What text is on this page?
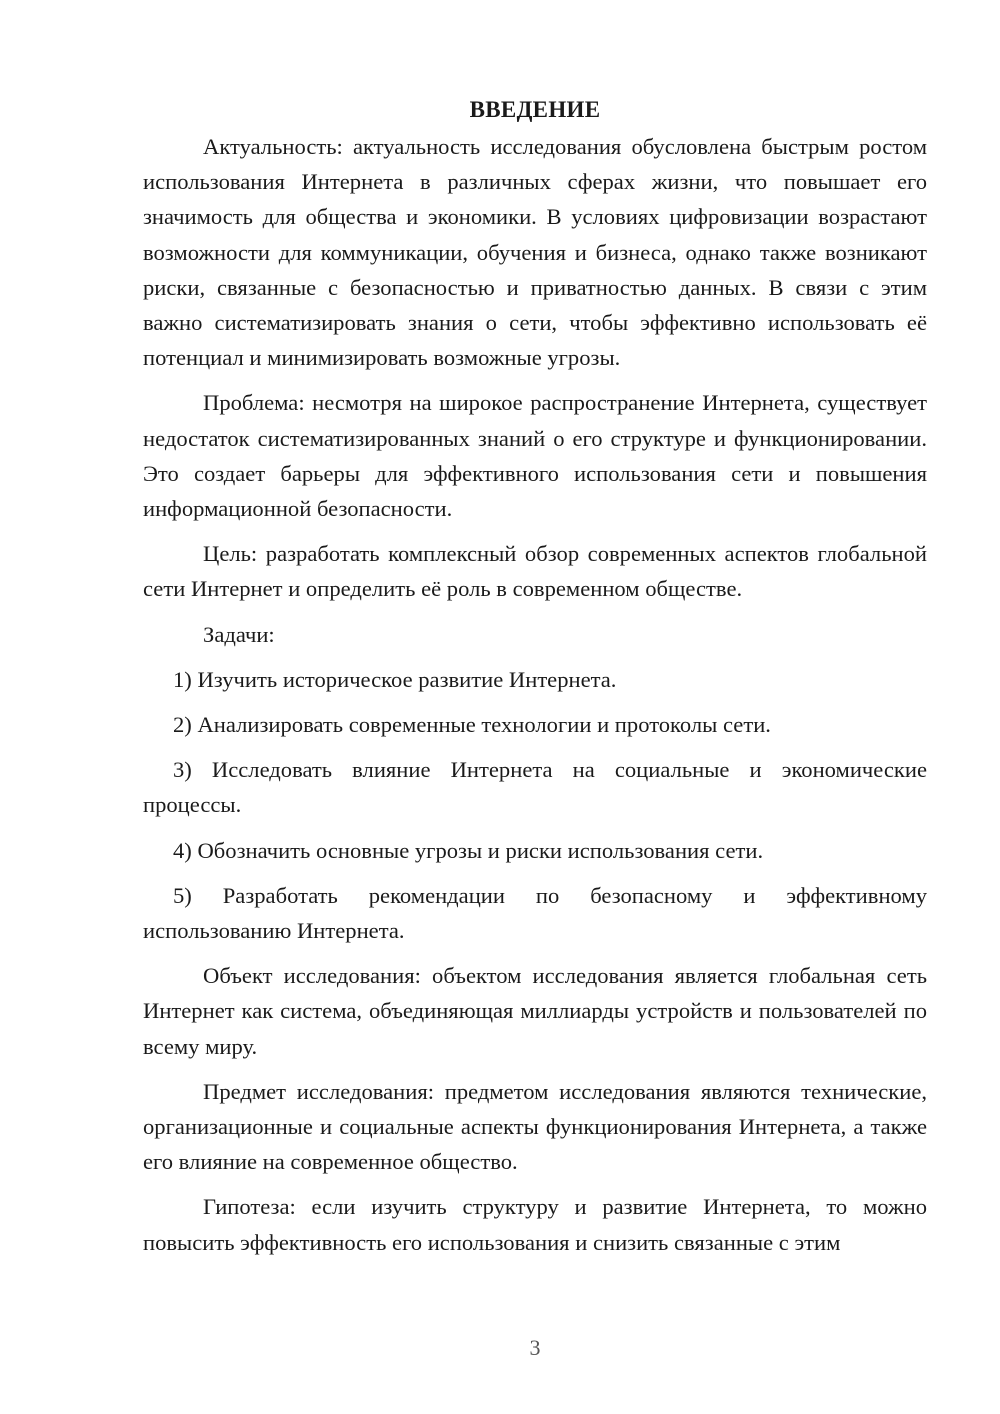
ВВЕДЕНИЕ

Актуальность: актуальность исследования обусловлена быстрым ростом использования Интернета в различных сферах жизни, что повышает его значимость для общества и экономики. В условиях цифровизации возрастают возможности для коммуникации, обучения и бизнеса, однако также возникают риски, связанные с безопасностью и приватностью данных. В связи с этим важно систематизировать знания о сети, чтобы эффективно использовать её потенциал и минимизировать возможные угрозы.

Проблема: несмотря на широкое распространение Интернета, существует недостаток систематизированных знаний о его структуре и функционировании. Это создает барьеры для эффективного использования сети и повышения информационной безопасности.

Цель: разработать комплексный обзор современных аспектов глобальной сети Интернет и определить её роль в современном обществе.

Задачи:

1) Изучить историческое развитие Интернета.

2) Анализировать современные технологии и протоколы сети.

3) Исследовать влияние Интернета на социальные и экономические процессы.

4) Обозначить основные угрозы и риски использования сети.

5) Разработать рекомендации по безопасному и эффективному использованию Интернета.

Объект исследования: объектом исследования является глобальная сеть Интернет как система, объединяющая миллиарды устройств и пользователей по всему миру.

Предмет исследования: предметом исследования являются технические, организационные и социальные аспекты функционирования Интернета, а также его влияние на современное общество.

Гипотеза: если изучить структуру и развитие Интернета, то можно повысить эффективность его использования и снизить связанные с этим

3
